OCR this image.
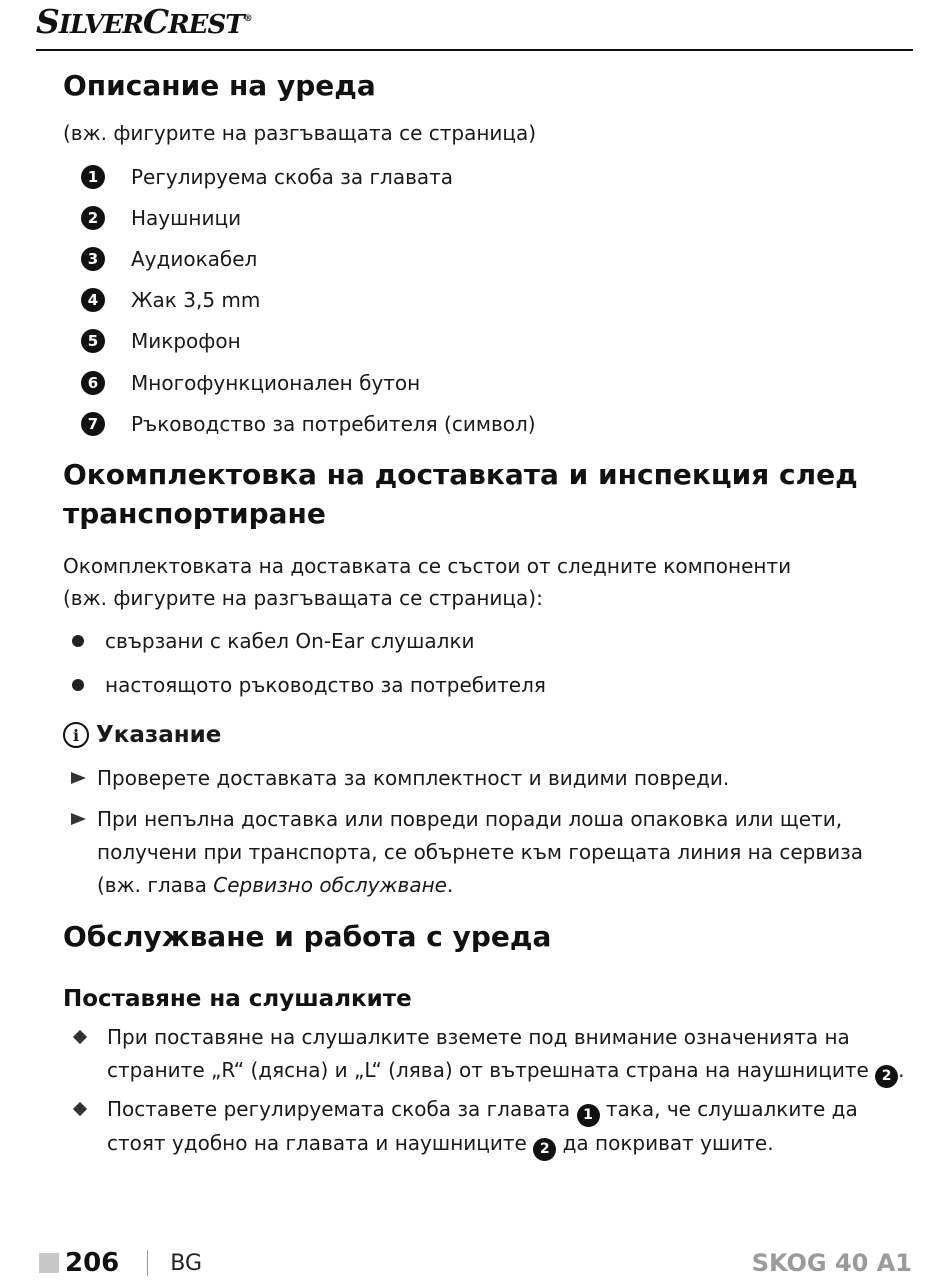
SILVERCREST®
Описание на уреда

(вж. фигурите на разгъващата се страница)

1	Регулируема скоба за главата
2	Наушници
3	Аудиокабел
4	Жак 3,5 mm
5	Микрофон
6	Многофункционален бутон
7	Ръководство за потребителя (символ)
Окомплектовка на доставката и инспекция след
транспортиране

Окомплектовката на доставката се състои от следните компоненти

(вж. фигурите на разгъващата се страница):

свързани с кабел On-Ear слушалки
настоящото ръководство за потребителя
i Указание
Проверете доставката за комплектност и видими повреди.
При непълна доставка или повреди поради лоша опаковка или щети,
получени при транспорта, се обърнете към горещата линия на сервиза
(вж. глава Сервизно обслужване.
Обслужване и работа с уреда
Поставяне на слушалките
При поставяне на слушалките вземете под внимание означенията на
страните „R“ (дясна) и „L“ (лява) от вътрешната страна на наушниците 2 .
Поставете регулируемата скоба за главата 1 така, че слушалките да
стоят удобно на главата и наушниците 2 да покриват ушите.
206 BG	SKOG 40 A1
